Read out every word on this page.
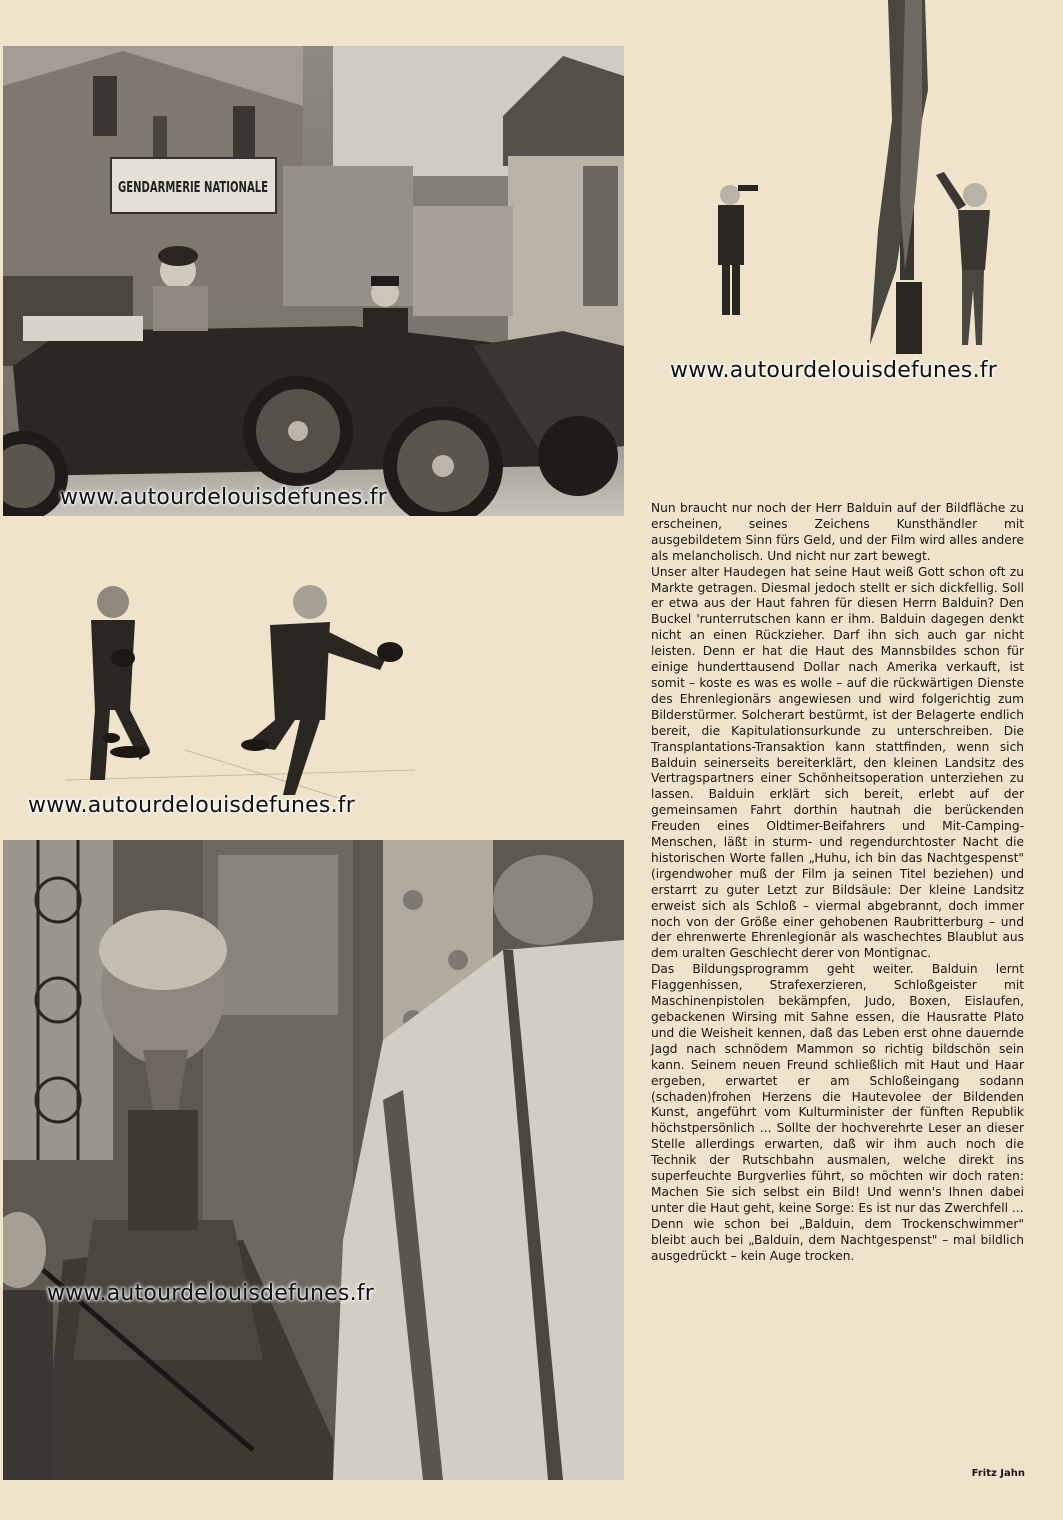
GENDARMERIE NATIONALE
www.autourdelouisdefunes.fr
www.autourdelouisdefunes.fr
www.autourdelouisdefunes.fr
www.autourdelouisdefunes.fr

Nun braucht nur noch der Herr Balduin auf der Bildfläche zu erscheinen, seines Zeichens Kunsthändler mit ausgebildetem Sinn fürs Geld, und der Film wird alles andere als melancholisch. Und nicht nur zart bewegt.

Unser alter Haudegen hat seine Haut weiß Gott schon oft zu Markte getragen. Diesmal jedoch stellt er sich dickfellig. Soll er etwa aus der Haut fahren für diesen Herrn Balduin? Den Buckel 'runterrutschen kann er ihm. Balduin dagegen denkt nicht an einen Rückzieher. Darf ihn sich auch gar nicht leisten. Denn er hat die Haut des Mannsbildes schon für einige hunderttausend Dollar nach Amerika verkauft, ist somit – koste es was es wolle – auf die rückwärtigen Dienste des Ehrenlegionärs angewiesen und wird folgerichtig zum Bilderstürmer. Solcherart bestürmt, ist der Belagerte endlich bereit, die Kapitulationsurkunde zu unterschreiben. Die Transplantations-Transaktion kann stattfinden, wenn sich Balduin seinerseits bereiterklärt, den kleinen Landsitz des Vertragspartners einer Schönheitsoperation unterziehen zu lassen. Balduin erklärt sich bereit, erlebt auf der gemeinsamen Fahrt dorthin hautnah die berückenden Freuden eines Oldtimer-Beifahrers und Mit-Camping-Menschen, läßt in sturm- und regendurchtoster Nacht die historischen Worte fallen „Huhu, ich bin das Nachtgespenst" (irgendwoher muß der Film ja seinen Titel beziehen) und erstarrt zu guter Letzt zur Bildsäule: Der kleine Landsitz erweist sich als Schloß – viermal abgebrannt, doch immer noch von der Größe einer gehobenen Raubritterburg – und der ehrenwerte Ehrenlegionär als waschechtes Blaublut aus dem uralten Geschlecht derer von Montignac.

Das Bildungsprogramm geht weiter. Balduin lernt Flaggenhissen, Strafexerzieren, Schloßgeister mit Maschinenpistolen bekämpfen, Judo, Boxen, Eislaufen, gebackenen Wirsing mit Sahne essen, die Hausratte Plato und die Weisheit kennen, daß das Leben erst ohne dauernde Jagd nach schnödem Mammon so richtig bildschön sein kann. Seinem neuen Freund schließlich mit Haut und Haar ergeben, erwartet er am Schloßeingang sodann (schaden)frohen Herzens die Hautevolee der Bildenden Kunst, angeführt vom Kulturminister der fünften Republik höchstpersönlich ... Sollte der hochverehrte Leser an dieser Stelle allerdings erwarten, daß wir ihm auch noch die Technik der Rutschbahn ausmalen, welche direkt ins superfeuchte Burgverlies führt, so möchten wir doch raten: Machen Sie sich selbst ein Bild! Und wenn's Ihnen dabei unter die Haut geht, keine Sorge: Es ist nur das Zwerchfell ...

Denn wie schon bei „Balduin, dem Trockenschwimmer" bleibt auch bei „Balduin, dem Nachtgespenst" – mal bildlich ausgedrückt – kein Auge trocken.

Fritz Jahn
